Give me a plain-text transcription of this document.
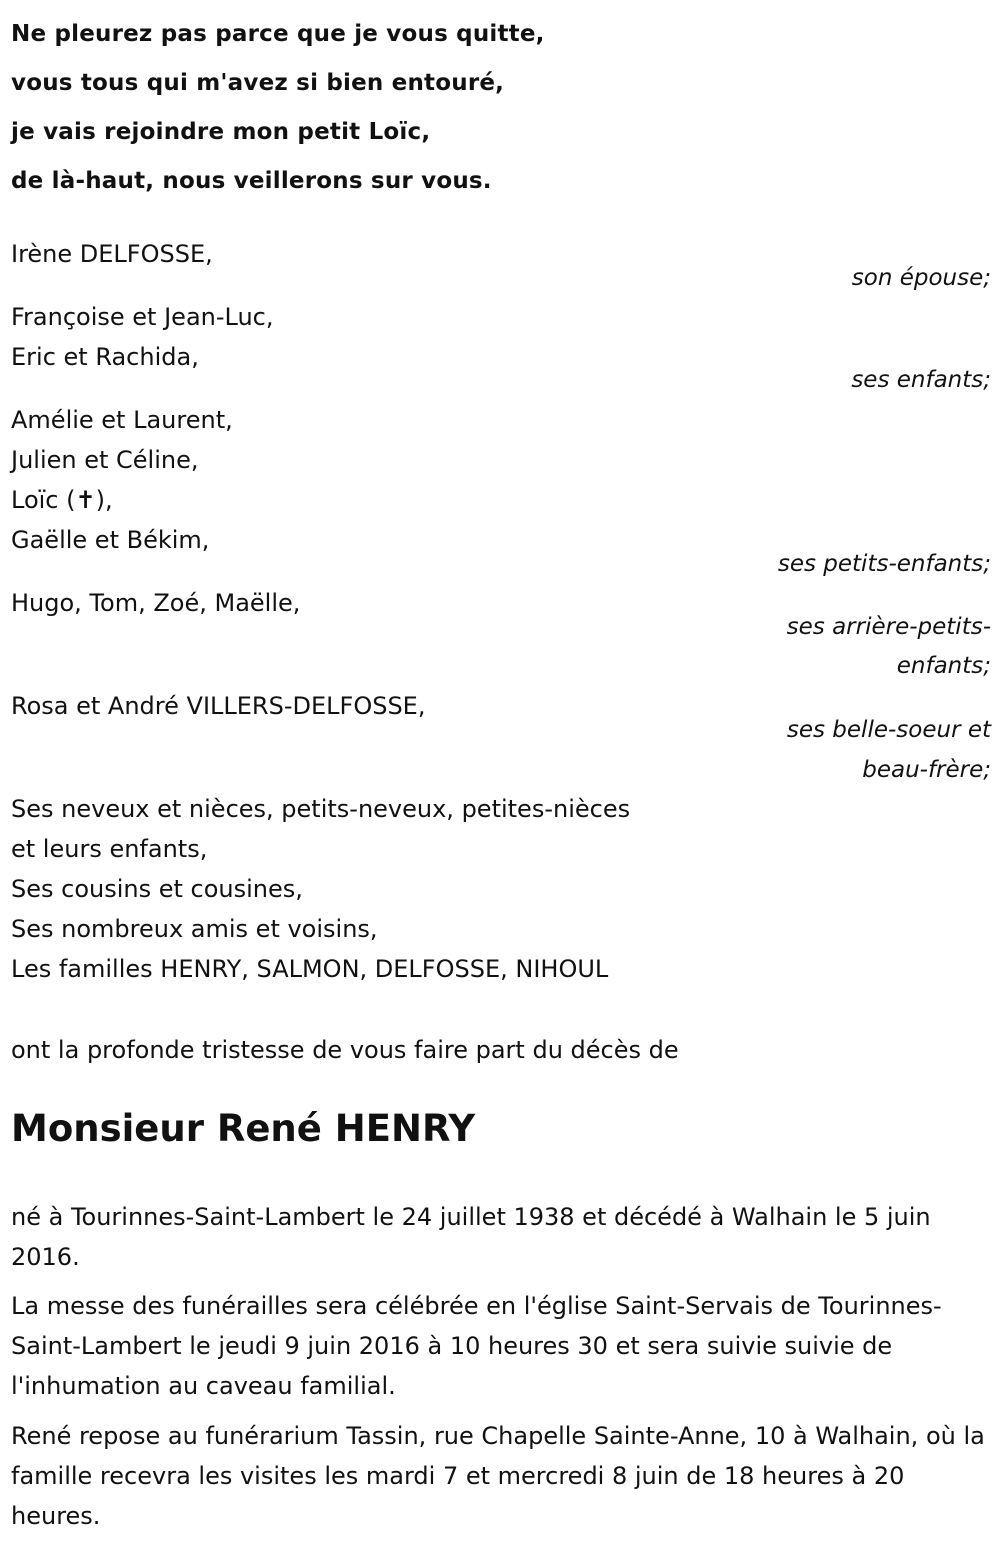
Ne pleurez pas parce que je vous quitte,
vous tous qui m'avez si bien entouré,
je vais rejoindre mon petit Loïc,
de là-haut, nous veillerons sur vous.
Irène DELFOSSE,
son épouse;
Françoise et Jean-Luc,
Eric et Rachida,
ses enfants;
Amélie et Laurent,
Julien et Céline,
Loïc (✝),
Gaëlle et Békim,
ses petits-enfants;
Hugo, Tom, Zoé, Maëlle,
ses arrière-petits-
enfants;
Rosa et André VILLERS-DELFOSSE,
ses belle-soeur et
beau-frère;
Ses neveux et nièces, petits-neveux, petites-nièces
et leurs enfants,
Ses cousins et cousines,
Ses nombreux amis et voisins,
Les familles HENRY, SALMON, DELFOSSE, NIHOUL
ont la profonde tristesse de vous faire part du décès de
Monsieur René HENRY
né à Tourinnes-Saint-Lambert le 24 juillet 1938 et décédé à Walhain le 5 juin 2016.
La messe des funérailles sera célébrée en l'église Saint-Servais de Tourinnes-Saint-Lambert le jeudi 9 juin 2016 à 10 heures 30 et sera suivie suivie de l'inhumation au caveau familial.
René repose au funérarium Tassin, rue Chapelle Sainte-Anne, 10 à Walhain, où la famille recevra les visites les mardi 7 et mercredi 8 juin de 18 heures à 20 heures.
